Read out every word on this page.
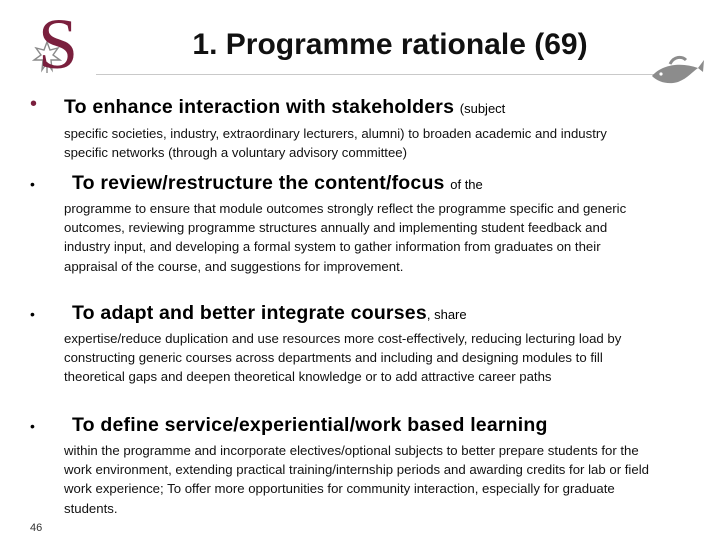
S	1. Programme rationale (69)
• To enhance interaction with stakeholders (subject
specific societies, industry, extraordinary lecturers, alumni) to broaden academic and industry specific networks (through a voluntary advisory committee)
• To review/restructure the content/focus of the
programme to ensure that module outcomes strongly reflect the programme specific and generic outcomes, reviewing programme structures annually and implementing student feedback and industry input, and developing a formal system to gather information from graduates on their appraisal of the course, and suggestions for improvement.
• To adapt and better integrate courses, share
expertise/reduce duplication and use resources more cost-effectively, reducing lecturing load by constructing generic courses across departments and including and designing modules to fill theoretical gaps and deepen theoretical knowledge or to add attractive career paths
• To define service/experiential/work based learning
within the programme and incorporate electives/optional subjects to better prepare students for the work environment, extending practical training/internship periods and awarding credits for lab or field work experience; To offer more opportunities for community interaction, especially for graduate students.
46
